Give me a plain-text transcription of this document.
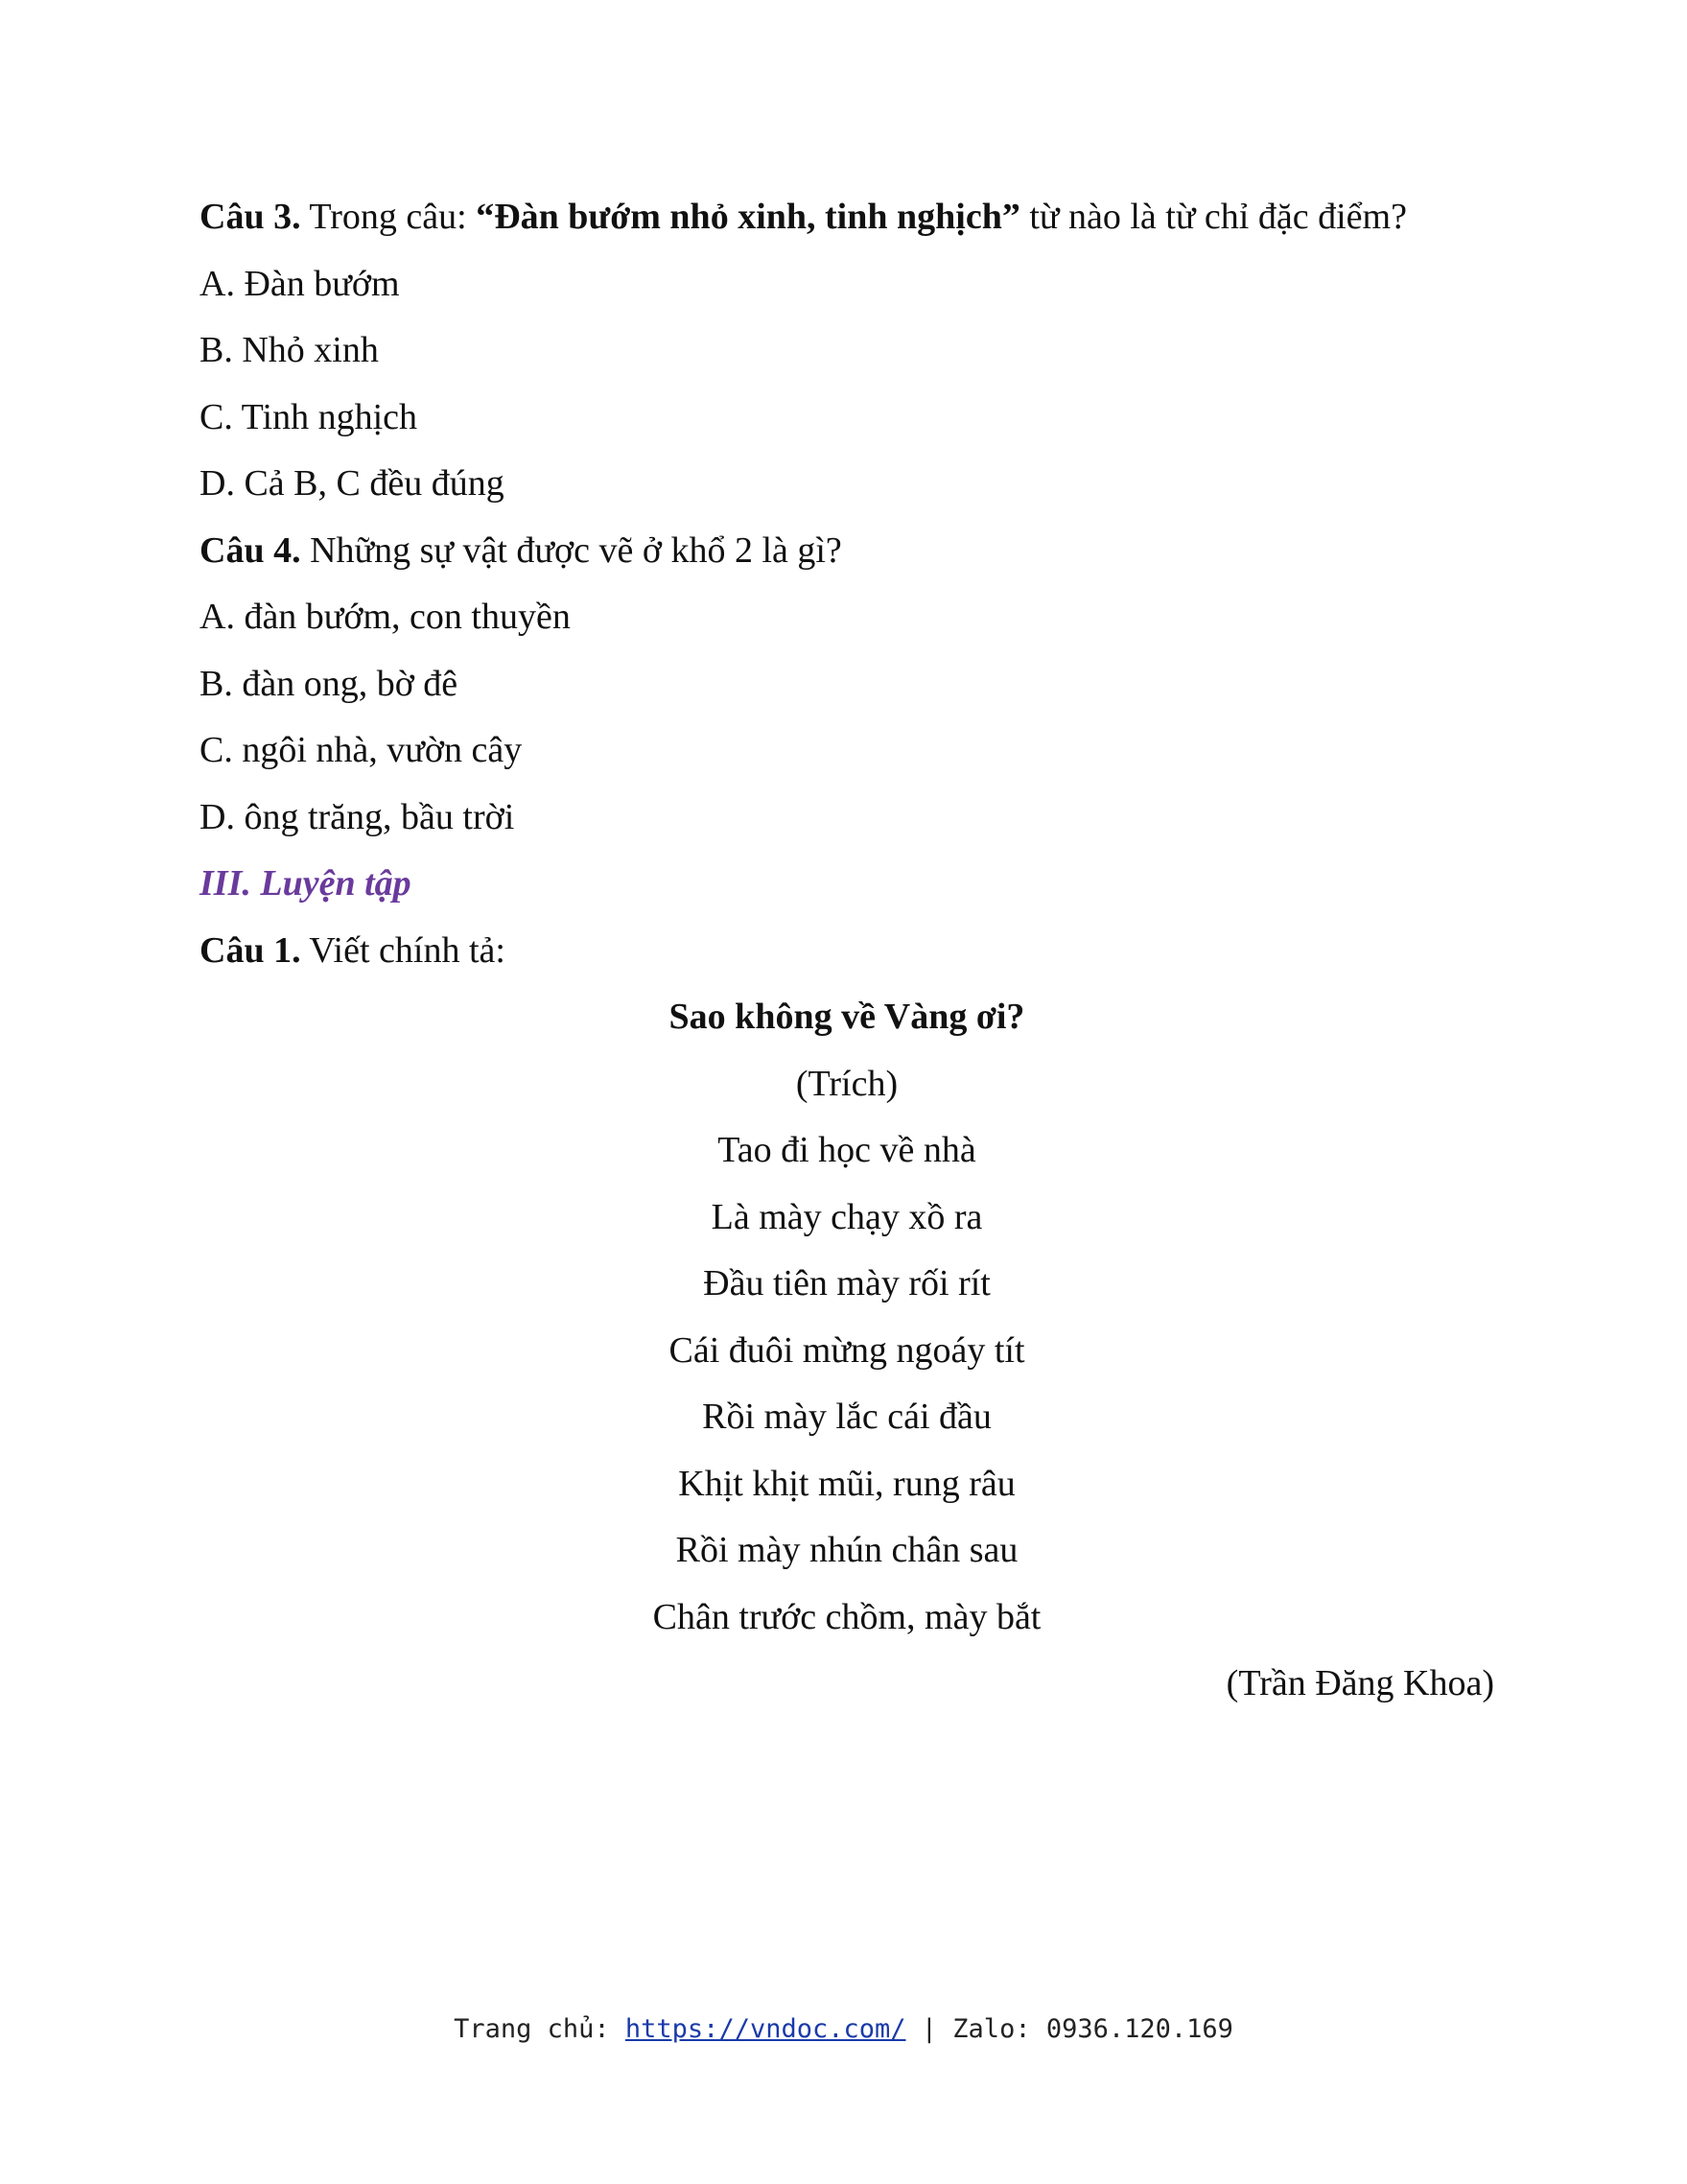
Câu 3. Trong câu: “Đàn bướm nhỏ xinh, tinh nghịch” từ nào là từ chỉ đặc điểm?
A. Đàn bướm
B. Nhỏ xinh
C. Tinh nghịch
D. Cả B, C đều đúng
Câu 4. Những sự vật được vẽ ở khổ 2 là gì?
A. đàn bướm, con thuyền
B. đàn ong, bờ đê
C. ngôi nhà, vườn cây
D. ông trăng, bầu trời
III. Luyện tập
Câu 1. Viết chính tả:
Sao không về Vàng ơi?
(Trích)
Tao đi học về nhà
Là mày chạy xồ ra
Đầu tiên mày rối rít
Cái đuôi mừng ngoáy tít
Rồi mày lắc cái đầu
Khịt khịt mũi, rung râu
Rồi mày nhún chân sau
Chân trước chồm, mày bắt
(Trần Đăng Khoa)
Trang chủ: https://vndoc.com/ | Zalo: 0936.120.169
